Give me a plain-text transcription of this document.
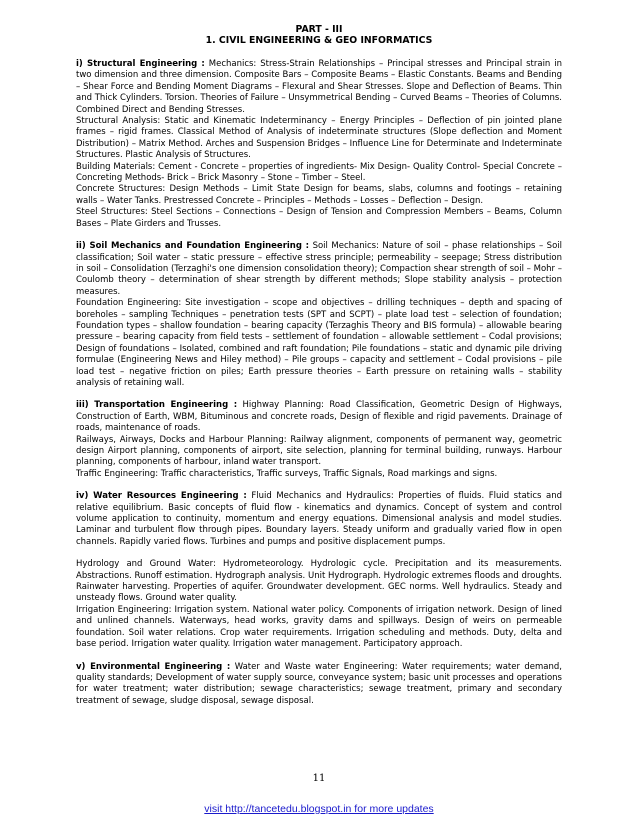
PART - III
1. CIVIL ENGINEERING & GEO INFORMATICS

i) Structural Engineering : Mechanics: Stress-Strain Relationships – Principal stresses and Principal strain in two dimension and three dimension. Composite Bars – Composite Beams – Elastic Constants. Beams and Bending – Shear Force and Bending Moment Diagrams – Flexural and Shear Stresses. Slope and Deflection of Beams. Thin and Thick Cylinders. Torsion. Theories of Failure – Unsymmetrical Bending – Curved Beams – Theories of Columns. Combined Direct and Bending Stresses.

Structural Analysis: Static and Kinematic Indeterminancy – Energy Principles – Deflection of pin jointed plane frames – rigid frames. Classical Method of Analysis of indeterminate structures (Slope deflection and Moment Distribution) – Matrix Method. Arches and Suspension Bridges – Influence Line for Determinate and Indeterminate Structures. Plastic Analysis of Structures.

Building Materials: Cement - Concrete – properties of ingredients- Mix Design- Quality Control- Special Concrete – Concreting Methods- Brick – Brick Masonry – Stone – Timber – Steel.

Concrete Structures: Design Methods – Limit State Design for beams, slabs, columns and footings – retaining walls – Water Tanks. Prestressed Concrete – Principles – Methods – Losses – Deflection – Design.

Steel Structures: Steel Sections – Connections – Design of Tension and Compression Members – Beams, Column Bases – Plate Girders and Trusses.

ii) Soil Mechanics and Foundation Engineering : Soil Mechanics: Nature of soil – phase relationships – Soil classification; Soil water – static pressure – effective stress principle; permeability – seepage; Stress distribution in soil – Consolidation (Terzaghi's one dimension consolidation theory); Compaction shear strength of soil – Mohr – Coulomb theory – determination of shear strength by different methods; Slope stability analysis – protection measures.

Foundation Engineering: Site investigation – scope and objectives – drilling techniques – depth and spacing of boreholes – sampling Techniques – penetration tests (SPT and SCPT) – plate load test – selection of foundation; Foundation types – shallow foundation – bearing capacity (Terzaghis Theory and BIS formula) – allowable bearing pressure – bearing capacity from field tests – settlement of foundation – allowable settlement – Codal provisions; Design of foundations – Isolated, combined and raft foundation; Pile foundations – static and dynamic pile driving formulae (Engineering News and Hiley method) – Pile groups – capacity and settlement – Codal provisions – pile load test – negative friction on piles; Earth pressure theories – Earth pressure on retaining walls – stability analysis of retaining wall.

iii) Transportation Engineering : Highway Planning: Road Classification, Geometric Design of Highways, Construction of Earth, WBM, Bituminous and concrete roads, Design of flexible and rigid pavements. Drainage of roads, maintenance of roads.

Railways, Airways, Docks and Harbour Planning: Railway alignment, components of permanent way, geometric design Airport planning, components of airport, site selection, planning for terminal building, runways. Harbour planning, components of harbour, inland water transport.

Traffic Engineering: Traffic characteristics, Traffic surveys, Traffic Signals, Road markings and signs.

iv) Water Resources Engineering : Fluid Mechanics and Hydraulics: Properties of fluids. Fluid statics and relative equilibrium. Basic concepts of fluid flow - kinematics and dynamics. Concept of system and control volume application to continuity, momentum and energy equations. Dimensional analysis and model studies. Laminar and turbulent flow through pipes. Boundary layers. Steady uniform and gradually varied flow in open channels. Rapidly varied flows. Turbines and pumps and positive displacement pumps.

Hydrology and Ground Water: Hydrometeorology. Hydrologic cycle. Precipitation and its measurements. Abstractions. Runoff estimation. Hydrograph analysis. Unit Hydrograph. Hydrologic extremes floods and droughts. Rainwater harvesting. Properties of aquifer. Groundwater development. GEC norms. Well hydraulics. Steady and unsteady flows. Ground water quality.

Irrigation Engineering: Irrigation system. National water policy. Components of irrigation network. Design of lined and unlined channels. Waterways, head works, gravity dams and spillways. Design of weirs on permeable foundation. Soil water relations. Crop water requirements. Irrigation scheduling and methods. Duty, delta and base period. Irrigation water quality. Irrigation water management. Participatory approach.

v) Environmental Engineering : Water and Waste water Engineering: Water requirements; water demand, quality standards; Development of water supply source, conveyance system; basic unit processes and operations for water treatment; water distribution; sewage characteristics; sewage treatment, primary and secondary treatment of sewage, sludge disposal, sewage disposal.

11
visit http://tancetedu.blogspot.in for more updates
